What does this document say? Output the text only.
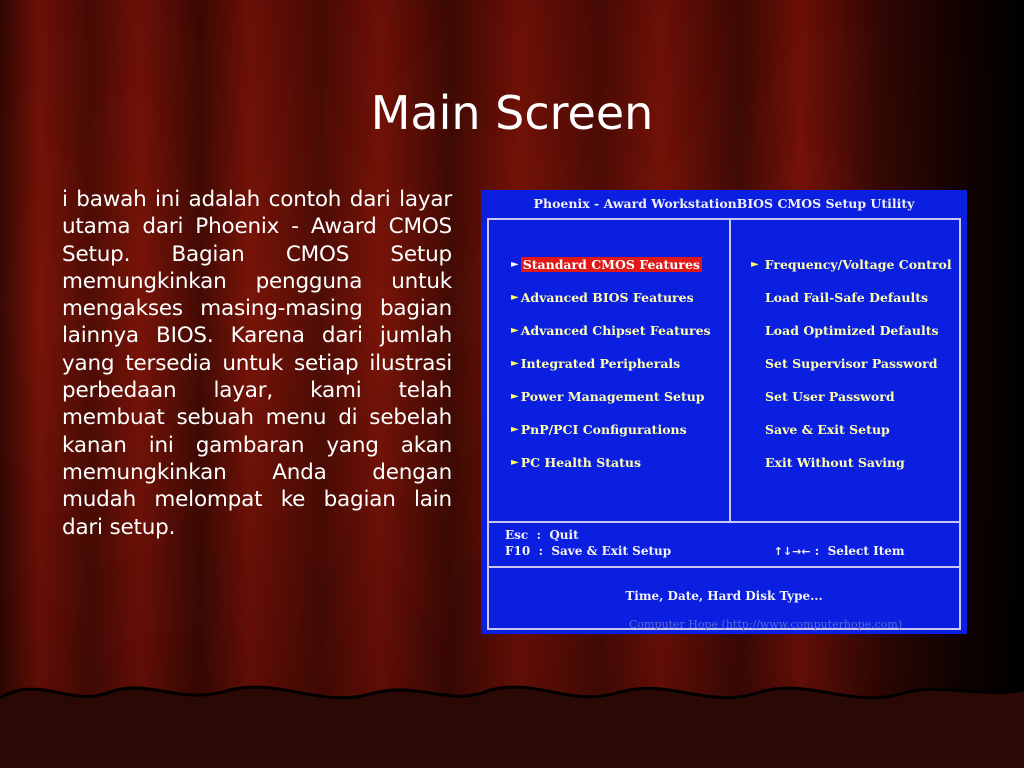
Main Screen
i bawah ini adalah contoh dari layar utama dari Phoenix - Award CMOS Setup. Bagian CMOS Setup memungkinkan pengguna untuk mengakses masing-masing bagian lainnya BIOS. Karena dari jumlah yang tersedia untuk setiap ilustrasi perbedaan layar, kami telah membuat sebuah menu di sebelah kanan ini gambaran yang akan memungkinkan Anda dengan mudah melompat ke bagian lain dari setup.
Phoenix - Award WorkstationBIOS CMOS Setup Utility
► Standard CMOS Features
► Advanced BIOS Features
► Advanced Chipset Features
► Integrated Peripherals
► Power Management Setup
► PnP/PCI Configurations
► PC Health Status
► Frequency/Voltage Control
Load Fail-Safe Defaults
Load Optimized Defaults
Set Supervisor Password
Set User Password
Save & Exit Setup
Exit Without Saving
Esc  :  Quit
F10  :  Save & Exit Setup	↑↓→← :  Select Item

Time, Date, Hard Disk Type...
Computer Hope (http://www.computerhope.com)
